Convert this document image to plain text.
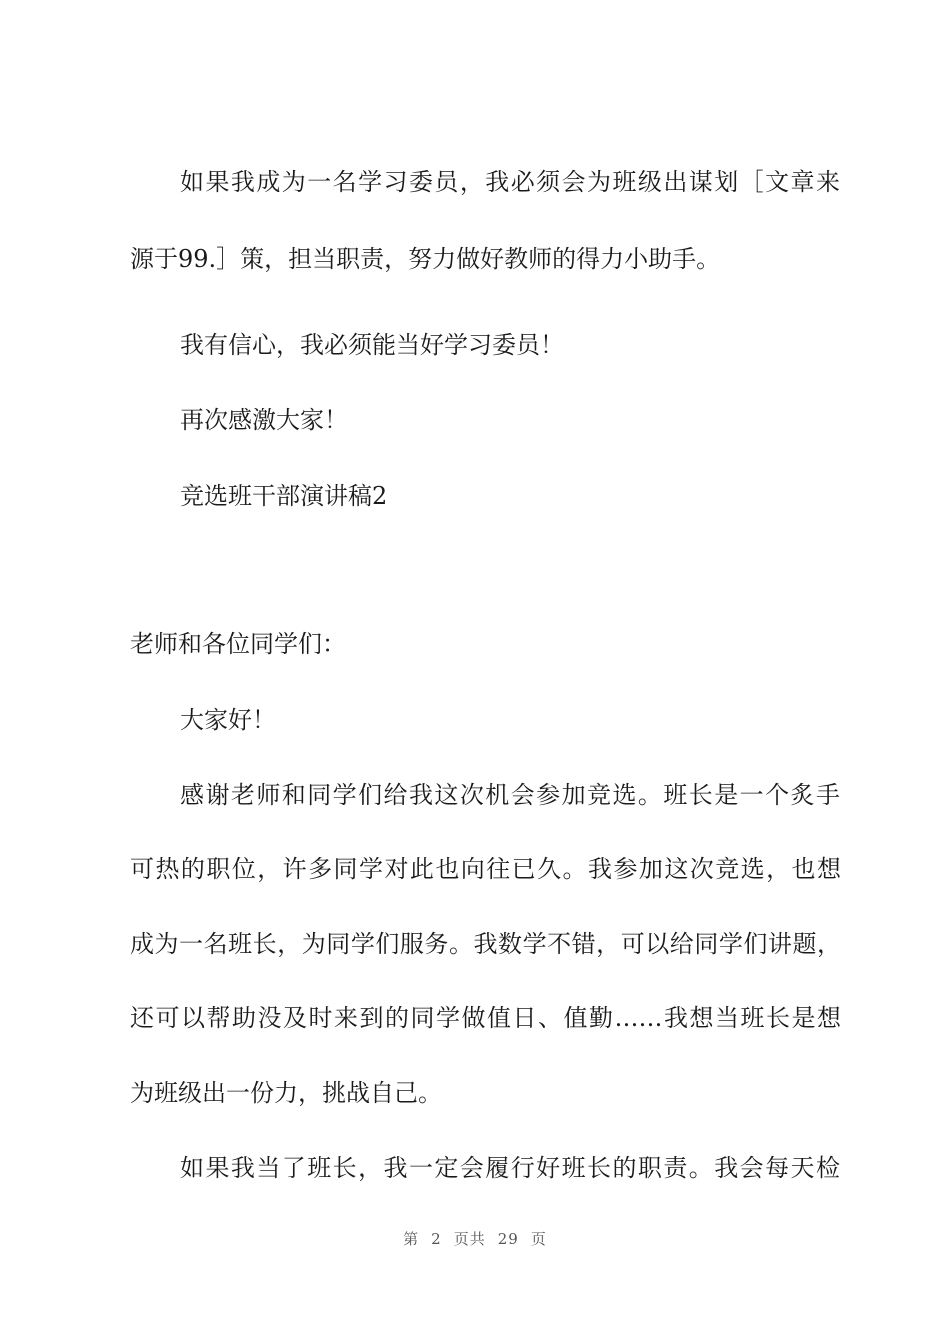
如果我成为一名学习委员，我必须会为班级出谋划［文章来
源于99.］策，担当职责，努力做好教师的得力小助手。
我有信心，我必须能当好学习委员！
再次感激大家！
竞选班干部演讲稿2
老师和各位同学们：
大家好！
感谢老师和同学们给我这次机会参加竞选。班长是一个炙手
可热的职位，许多同学对此也向往已久。我参加这次竞选，也想
成为一名班长，为同学们服务。我数学不错，可以给同学们讲题，
还可以帮助没及时来到的同学做值日、值勤……我想当班长是想
为班级出一份力，挑战自己。
如果我当了班长，我一定会履行好班长的职责。我会每天检
第 2 页共 29 页
